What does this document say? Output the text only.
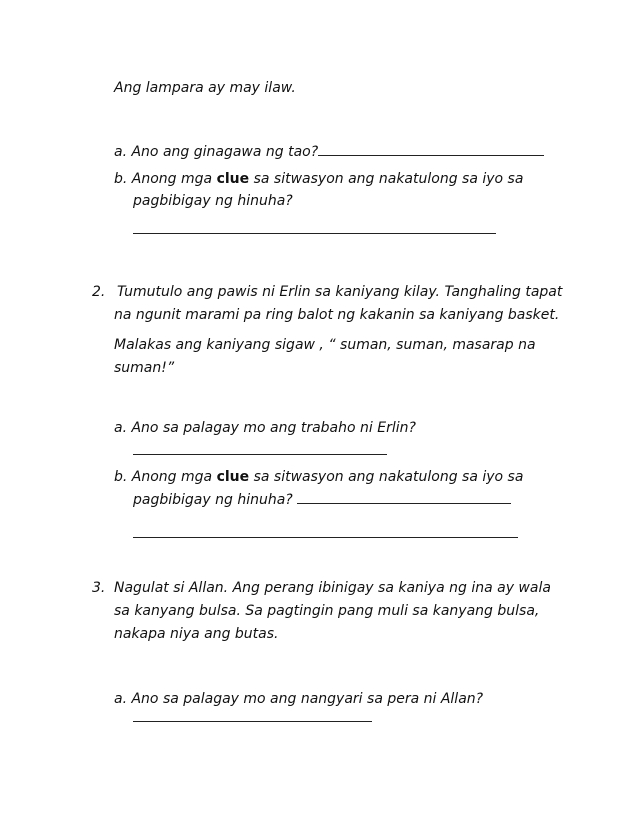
Ang lampara ay may ilaw.
a. Ano ang ginagawa ng tao?
b. Anong mga clue sa sitwasyon ang nakatulong sa iyo sa
pagbibigay ng hinuha?
2. Tumutulo ang pawis ni Erlin sa kaniyang kilay. Tanghaling tapat
na ngunit marami pa ring balot ng kakanin sa kaniyang basket.
Malakas ang kaniyang sigaw , “ suman, suman, masarap na
suman!”
a. Ano sa palagay mo ang trabaho ni Erlin?
b. Anong mga clue sa sitwasyon ang nakatulong sa iyo sa
pagbibigay ng hinuha?
3. Nagulat si Allan. Ang perang ibinigay sa kaniya ng ina ay wala
sa kanyang bulsa. Sa pagtingin pang muli sa kanyang bulsa,
nakapa niya ang butas.
a. Ano sa palagay mo ang nangyari sa pera ni Allan?
